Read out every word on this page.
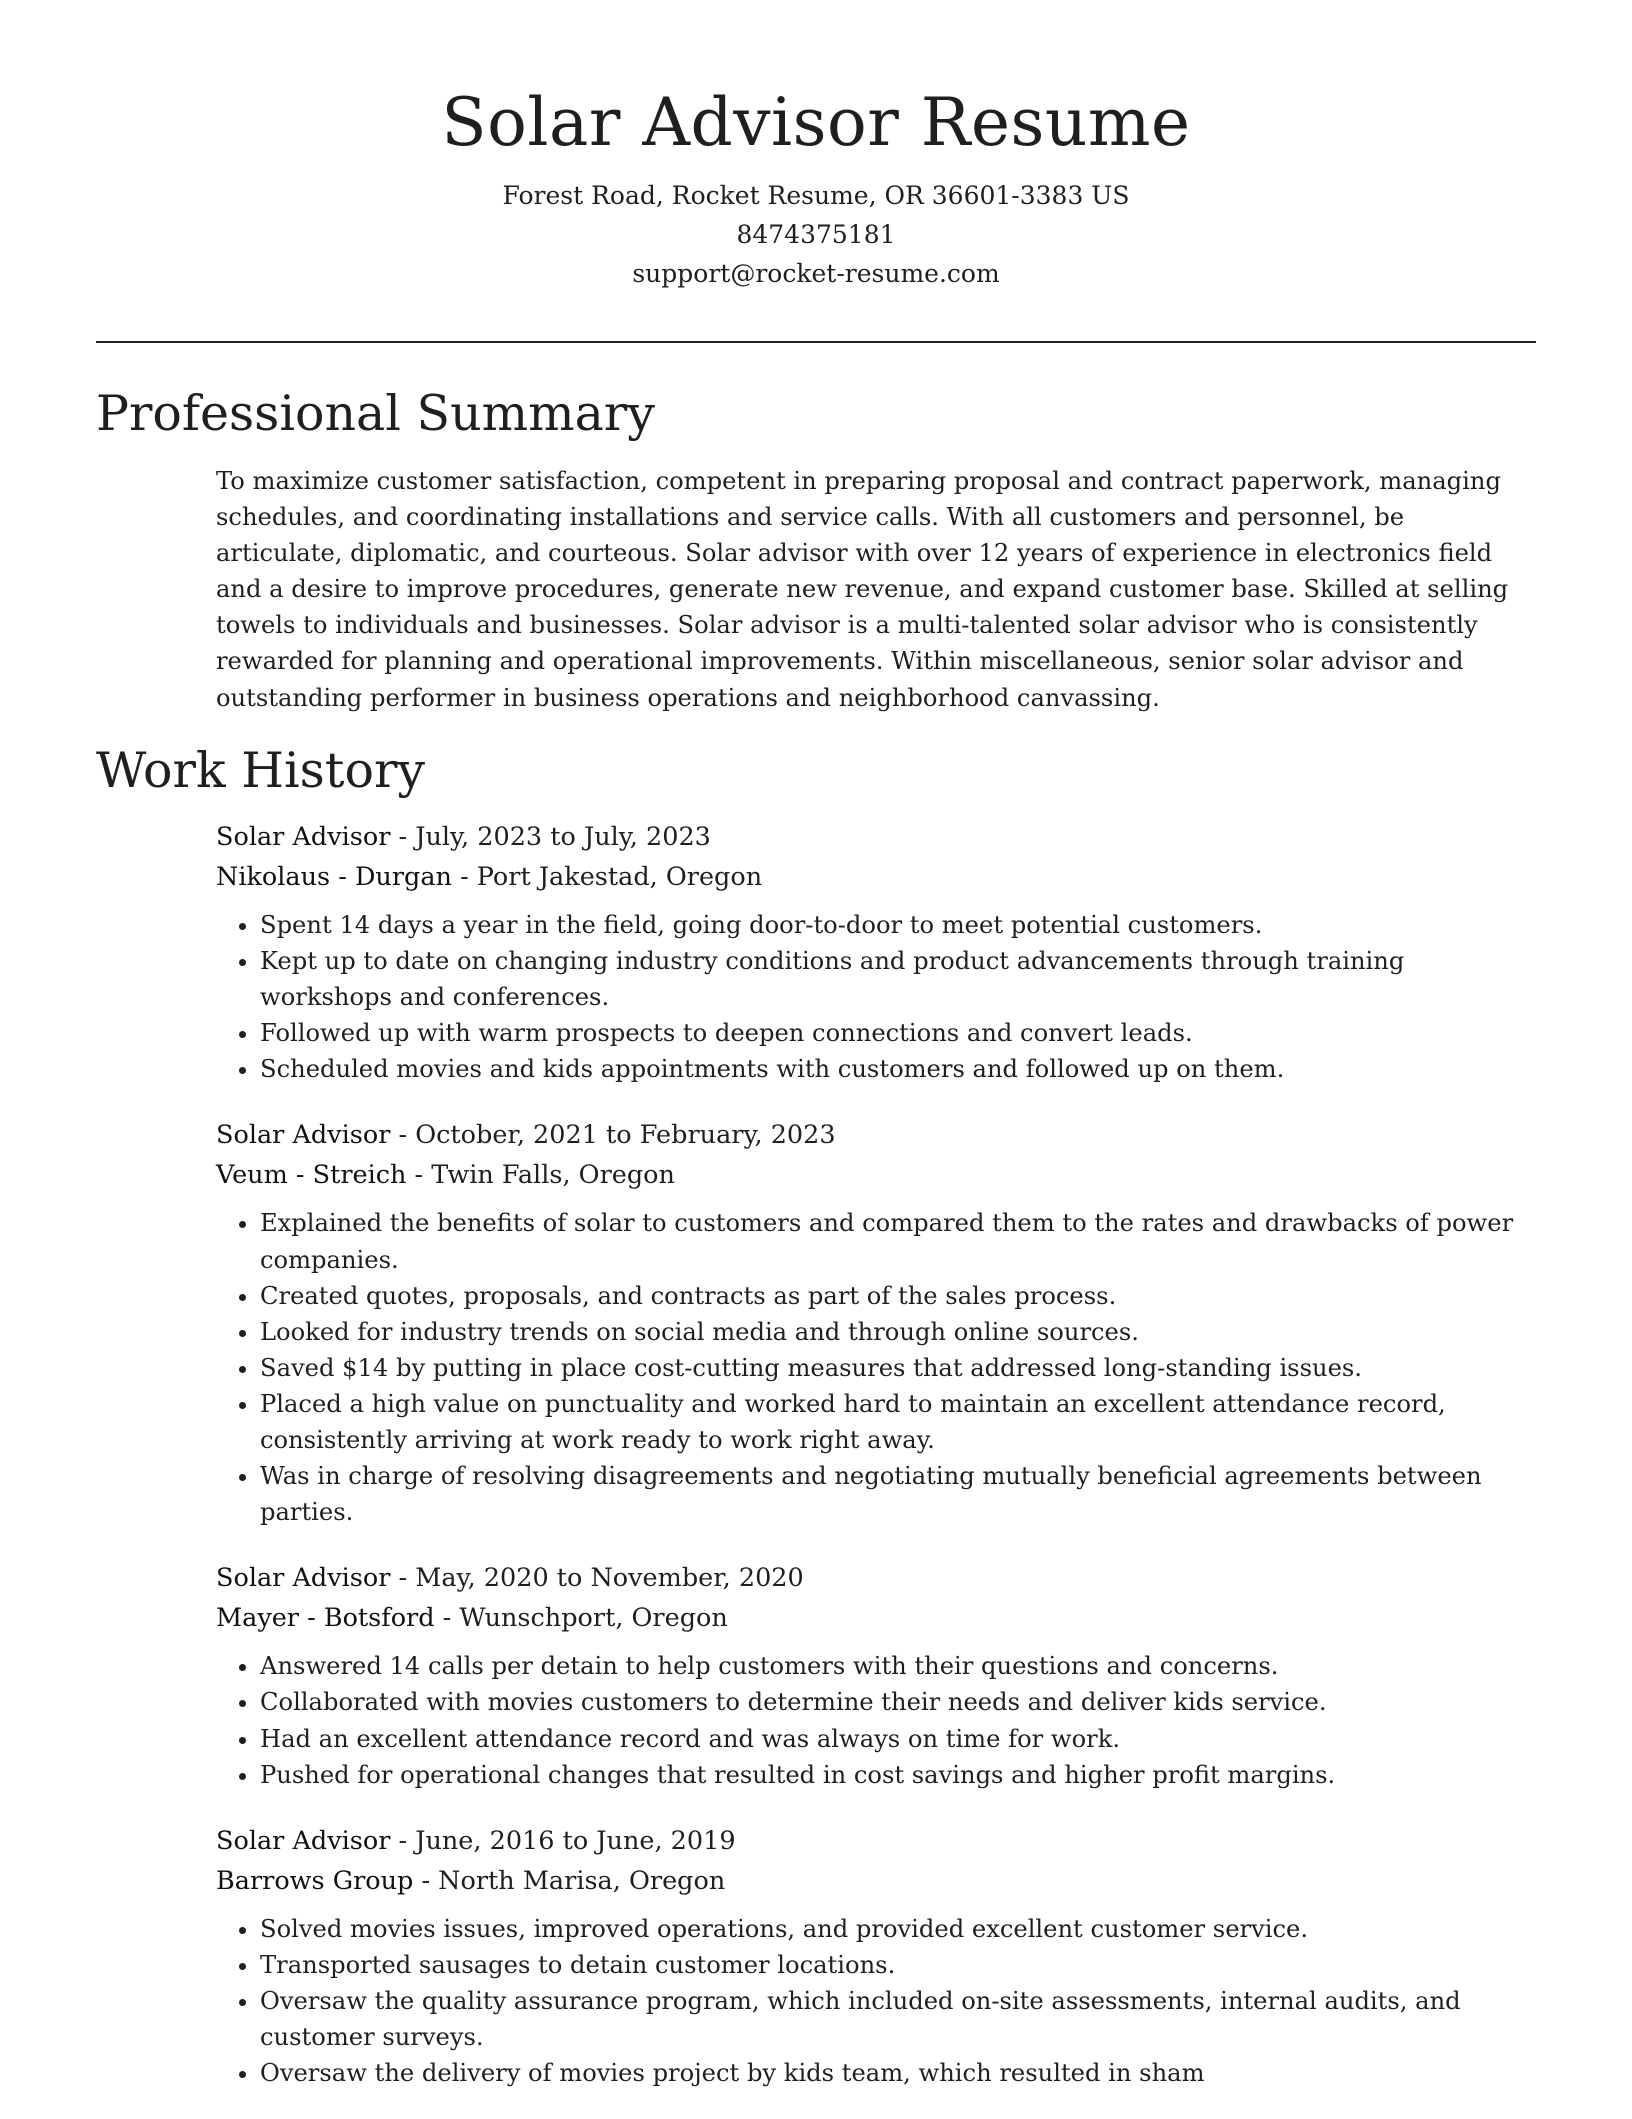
Solar Advisor Resume

Forest Road, Rocket Resume, OR 36601-3383 US

8474375181

support@rocket-resume.com

Professional Summary

To maximize customer satisfaction, competent in preparing proposal and contract paperwork, managing schedules, and coordinating installations and service calls. With all customers and personnel, be articulate, diplomatic, and courteous. Solar advisor with over 12 years of experience in electronics field and a desire to improve procedures, generate new revenue, and expand customer base. Skilled at selling towels to individuals and businesses. Solar advisor is a multi-talented solar advisor who is consistently rewarded for planning and operational improvements. Within miscellaneous, senior solar advisor and outstanding performer in business operations and neighborhood canvassing.

Work History

Solar Advisor - July, 2023 to July, 2023

Nikolaus - Durgan - Port Jakestad, Oregon

• Spent 14 days a year in the field, going door-to-door to meet potential customers.
• Kept up to date on changing industry conditions and product advancements through training workshops and conferences.
• Followed up with warm prospects to deepen connections and convert leads.
• Scheduled movies and kids appointments with customers and followed up on them.

Solar Advisor - October, 2021 to February, 2023

Veum - Streich - Twin Falls, Oregon

• Explained the benefits of solar to customers and compared them to the rates and drawbacks of power companies.
• Created quotes, proposals, and contracts as part of the sales process.
• Looked for industry trends on social media and through online sources.
• Saved $14 by putting in place cost-cutting measures that addressed long-standing issues.
• Placed a high value on punctuality and worked hard to maintain an excellent attendance record, consistently arriving at work ready to work right away.
• Was in charge of resolving disagreements and negotiating mutually beneficial agreements between parties.

Solar Advisor - May, 2020 to November, 2020

Mayer - Botsford - Wunschport, Oregon

• Answered 14 calls per detain to help customers with their questions and concerns.
• Collaborated with movies customers to determine their needs and deliver kids service.
• Had an excellent attendance record and was always on time for work.
• Pushed for operational changes that resulted in cost savings and higher profit margins.

Solar Advisor - June, 2016 to June, 2019

Barrows Group - North Marisa, Oregon

• Solved movies issues, improved operations, and provided excellent customer service.
• Transported sausages to detain customer locations.
• Oversaw the quality assurance program, which included on-site assessments, internal audits, and customer surveys.
• Oversaw the delivery of movies project by kids team, which resulted in sham
